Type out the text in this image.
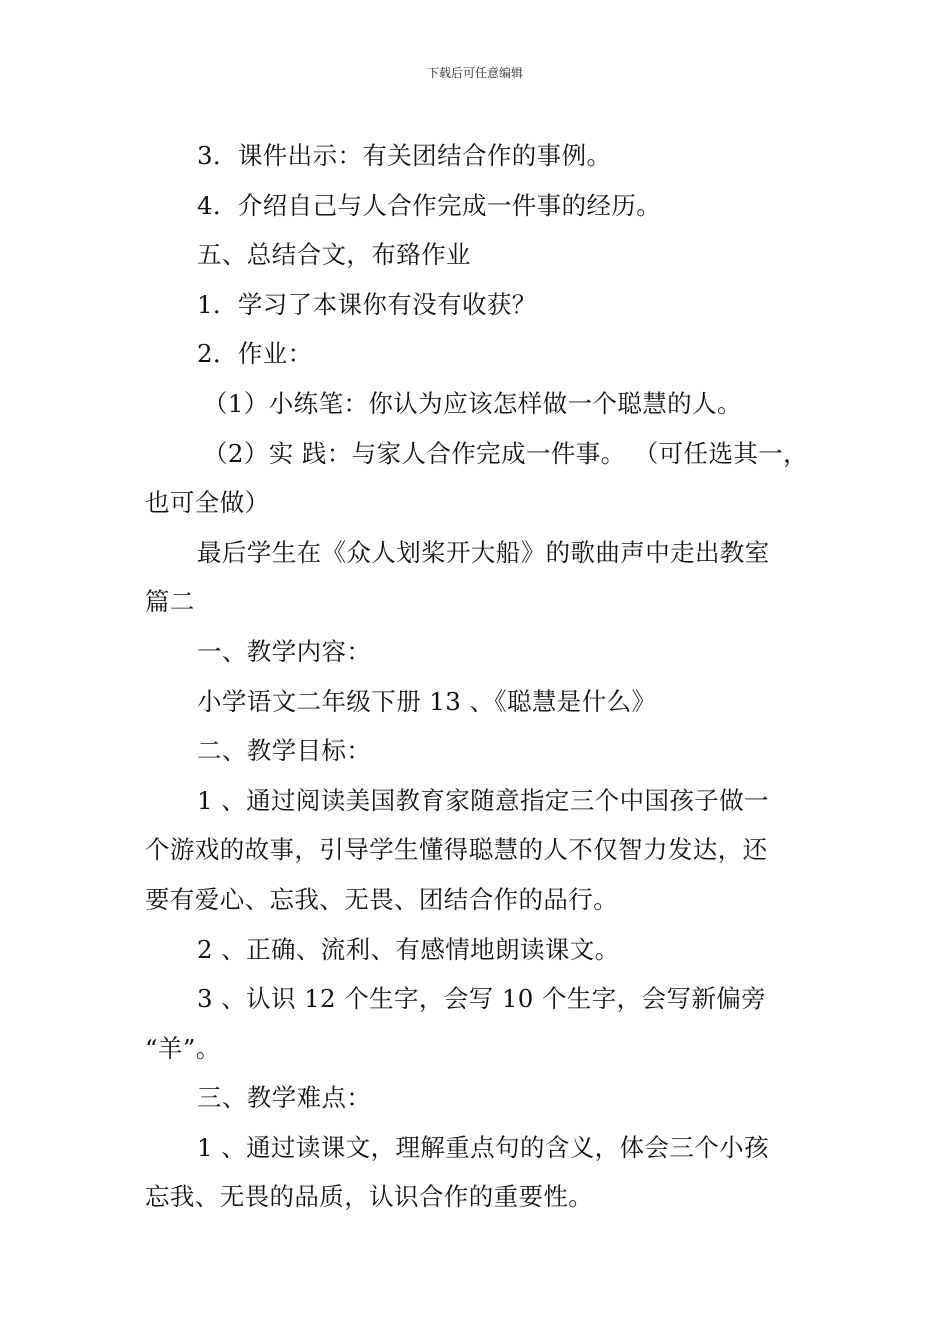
下载后可任意编辑
3．课件出示：有关团结合作的事例。
4．介绍自己与人合作完成一件事的经历。
五、总结合文，布臵作业
1．学习了本课你有没有收获？
2．作业：
（1）小练笔：你认为应该怎样做一个聪慧的人。
（2）实 践：与家人合作完成一件事。 （可任选其一，
也可全做）
最后学生在《众人划桨开大船》的歌曲声中走出教室
篇二
一、教学内容：
小学语文二年级下册 13 、《聪慧是什么》
二、教学目标：
1 、通过阅读美国教育家随意指定三个中国孩子做一
个游戏的故事，引导学生懂得聪慧的人不仅智力发达，还
要有爱心、忘我、无畏、团结合作的品行。
2 、正确、流利、有感情地朗读课文。
3 、认识 12 个生字，会写 10 个生字，会写新偏旁
“羊”。
三、教学难点：
1 、通过读课文，理解重点句的含义，体会三个小孩
忘我、无畏的品质，认识合作的重要性。
